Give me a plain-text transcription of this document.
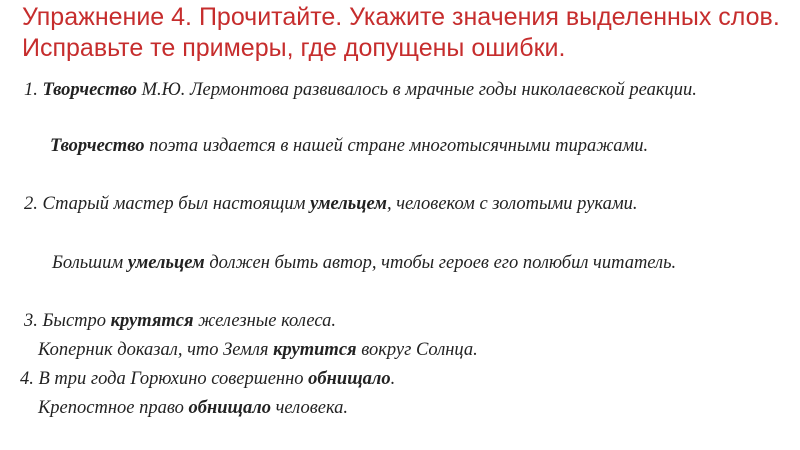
Упражнение 4. Прочитайте. Укажите значения выделенных слов. Исправьте те примеры, где допущены ошибки.

1. Творчество М.Ю. Лермонтова развивалось в мрачные годы николаевской реакции.

Творчество поэта издается в нашей стране многотысячными тиражами.

2. Старый мастер был настоящим умельцем, человеком с золотыми руками.

Большим умельцем должен быть автор, чтобы героев его полюбил читатель.

3. Быстро крутятся железные колеса.

Коперник доказал, что Земля крутится вокруг Солнца.

4. В три года Горюхино совершенно обнищало.

Крепостное право обнищало человека.
